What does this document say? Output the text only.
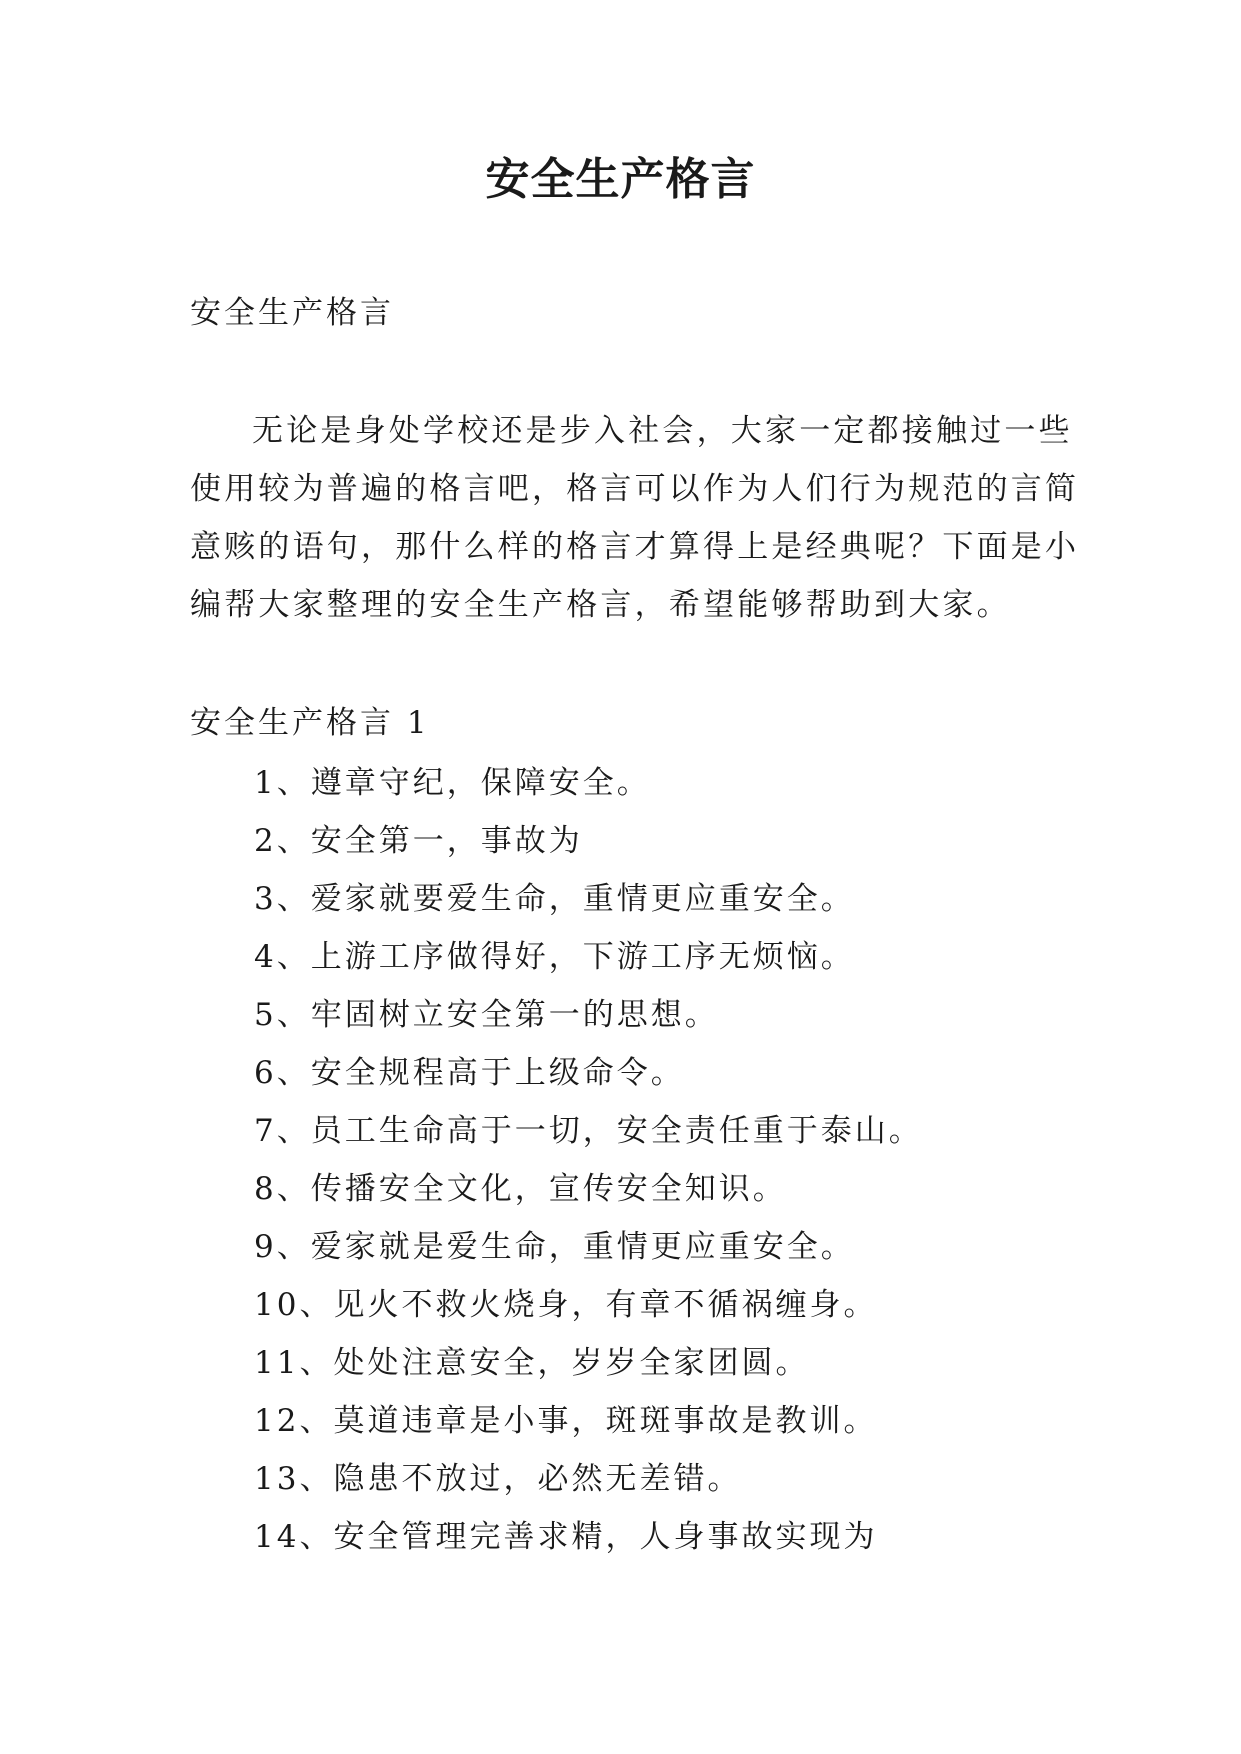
安全生产格言

安全生产格言

无论是身处学校还是步入社会，大家一定都接触过一些
使用较为普遍的格言吧，格言可以作为人们行为规范的言简
意赅的语句，那什么样的格言才算得上是经典呢？下面是小
编帮大家整理的安全生产格言，希望能够帮助到大家。

安全生产格言 1

1、遵章守纪，保障安全。
2、安全第一，事故为
3、爱家就要爱生命，重情更应重安全。
4、上游工序做得好，下游工序无烦恼。
5、牢固树立安全第一的思想。
6、安全规程高于上级命令。
7、员工生命高于一切，安全责任重于泰山。
8、传播安全文化，宣传安全知识。
9、爱家就是爱生命，重情更应重安全。
10、见火不救火烧身，有章不循祸缠身。
11、处处注意安全，岁岁全家团圆。
12、莫道违章是小事，斑斑事故是教训。
13、隐患不放过，必然无差错。
14、安全管理完善求精，人身事故实现为
